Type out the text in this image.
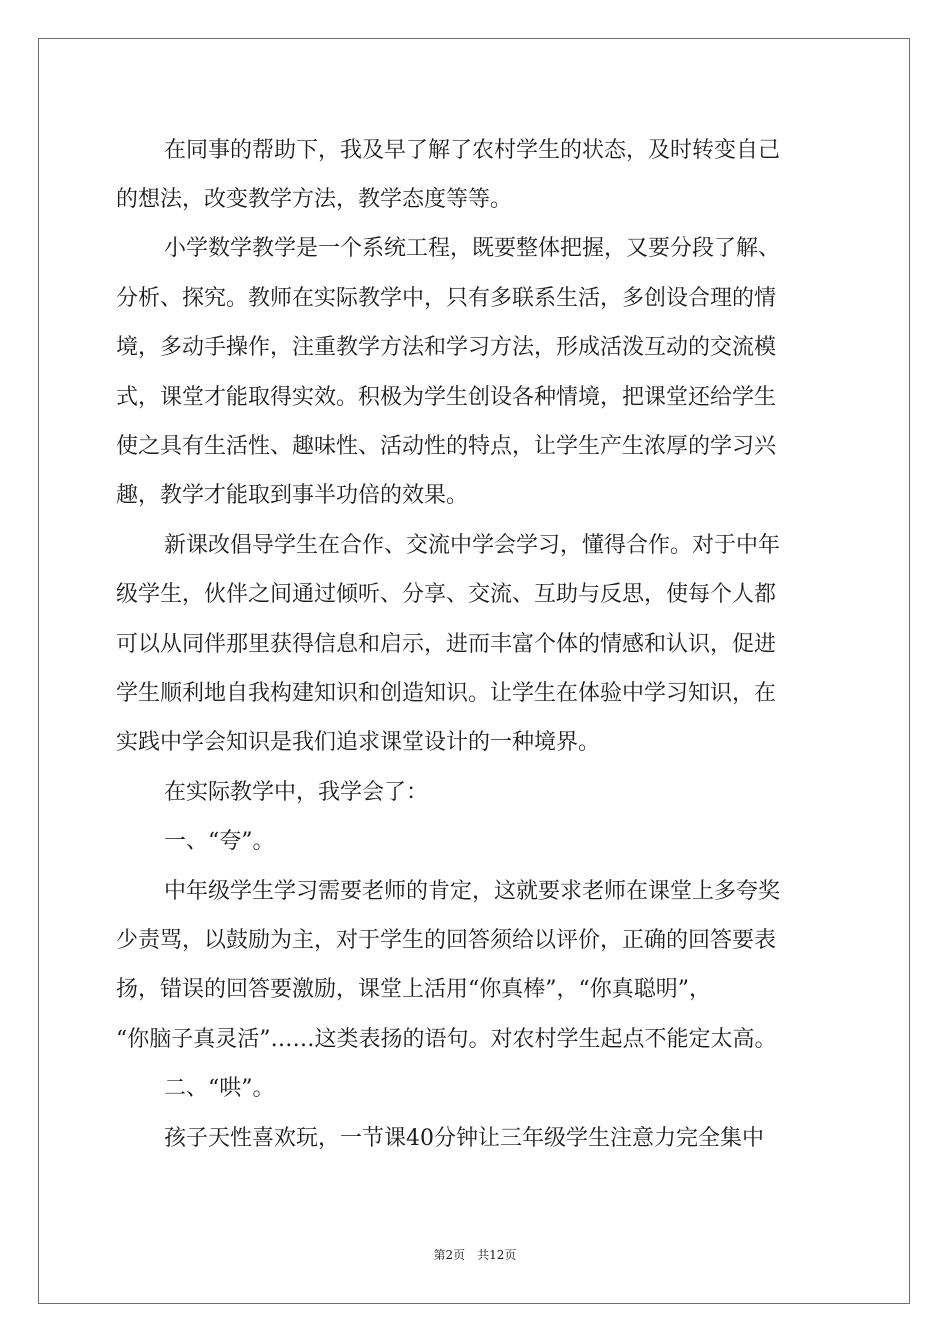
在同事的帮助下，我及早了解了农村学生的状态，及时转变自己

的想法，改变教学方法，教学态度等等。

小学数学教学是一个系统工程，既要整体把握，又要分段了解、

分析、探究。教师在实际教学中，只有多联系生活，多创设合理的情

境，多动手操作，注重教学方法和学习方法，形成活泼互动的交流模

式，课堂才能取得实效。积极为学生创设各种情境，把课堂还给学生

使之具有生活性、趣味性、活动性的特点，让学生产生浓厚的学习兴

趣，教学才能取到事半功倍的效果。

新课改倡导学生在合作、交流中学会学习，懂得合作。对于中年

级学生，伙伴之间通过倾听、分享、交流、互助与反思，使每个人都

可以从同伴那里获得信息和启示，进而丰富个体的情感和认识，促进

学生顺利地自我构建知识和创造知识。让学生在体验中学习知识，在

实践中学会知识是我们追求课堂设计的一种境界。

在实际教学中，我学会了：

一、“夸”。

中年级学生学习需要老师的肯定，这就要求老师在课堂上多夸奖

少责骂，以鼓励为主，对于学生的回答须给以评价，正确的回答要表

扬，错误的回答要激励，课堂上活用“你真棒”，“你真聪明”，

“你脑子真灵活”……这类表扬的语句。对农村学生起点不能定太高。

二、“哄”。

孩子天性喜欢玩，一节课40分钟让三年级学生注意力完全集中

第2页 共12页
